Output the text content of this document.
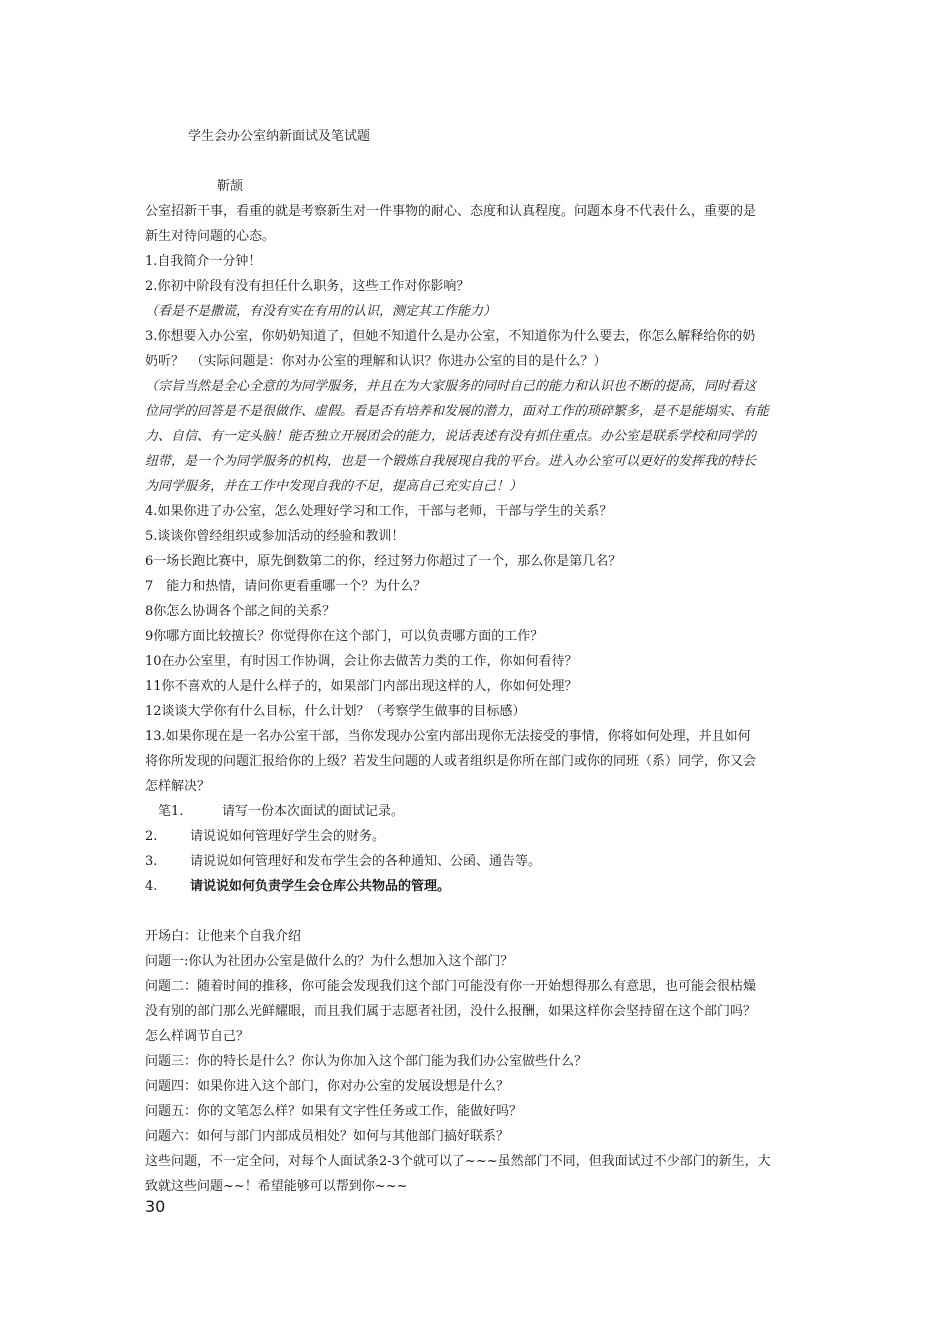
学生会办公室纳新面试及笔试题
靳颉
公室招新干事，看重的就是考察新生对一件事物的耐心、态度和认真程度。问题本身不代表什么，重要的是
新生对待问题的心态。
1.自我简介一分钟！
2.你初中阶段有没有担任什么职务，这些工作对你影响？
（看是不是撒谎，有没有实在有用的认识，测定其工作能力）
3.你想要入办公室，你奶奶知道了，但她不知道什么是办公室，不知道你为什么要去，你怎么解释给你的奶
奶听？　（实际问题是：你对办公室的理解和认识？你进办公室的目的是什么？）
（宗旨当然是全心全意的为同学服务，并且在为大家服务的同时自己的能力和认识也不断的提高，同时看这
位同学的回答是不是很做作、虚假。看是否有培养和发展的潜力，面对工作的琐碎繁多，是不是能塌实、有能
力、自信、有一定头脑！能否独立开展团会的能力，说话表述有没有抓住重点。办公室是联系学校和同学的
纽带，是一个为同学服务的机构，也是一个锻炼自我展现自我的平台。进入办公室可以更好的发挥我的特长
为同学服务，并在工作中发现自我的不足，提高自己充实自己！）
4.如果你进了办公室，怎么处理好学习和工作，干部与老师，干部与学生的关系？
5.谈谈你曾经组织或参加活动的经验和教训！
6一场长跑比赛中，原先倒数第二的你，经过努力你超过了一个，那么你是第几名？
7　能力和热情，请问你更看重哪一个？为什么？
8你怎么协调各个部之间的关系？
9你哪方面比较擅长？你觉得你在这个部门，可以负责哪方面的工作？
10在办公室里，有时因工作协调，会让你去做苦力类的工作，你如何看待？
11你不喜欢的人是什么样子的，如果部门内部出现这样的人，你如何处理？
12谈谈大学你有什么目标，什么计划？（考察学生做事的目标感）
13.如果你现在是一名办公室干部，当你发现办公室内部出现你无法接受的事情，你将如何处理，并且如何
将你所发现的问题汇报给你的上级？若发生问题的人或者组织是你所在部门或你的同班（系）同学，你又会
怎样解决？
　笔1.	请写一份本次面试的面试记录。
2.	请说说如何管理好学生会的财务。
3.	请说说如何管理好和发布学生会的各种通知、公函、通告等。
4.	请说说如何负责学生会仓库公共物品的管理。
开场白：让他来个自我介绍
问题一:你认为社团办公室是做什么的？为什么想加入这个部门？
问题二：随着时间的推移，你可能会发现我们这个部门可能没有你一开始想得那么有意思，也可能会很枯燥
没有别的部门那么光鲜耀眼，而且我们属于志愿者社团，没什么报酬，如果这样你会坚持留在这个部门吗？
怎么样调节自己？
问题三：你的特长是什么？你认为你加入这个部门能为我们办公室做些什么？
问题四：如果你进入这个部门，你对办公室的发展设想是什么？
问题五：你的文笔怎么样？如果有文字性任务或工作，能做好吗？
问题六：如何与部门内部成员相处？如何与其他部门搞好联系？
这些问题，不一定全问，对每个人面试条2-3个就可以了~~~虽然部门不同，但我面试过不少部门的新生，大
致就这些问题~~！希望能够可以帮到你~~~
30
